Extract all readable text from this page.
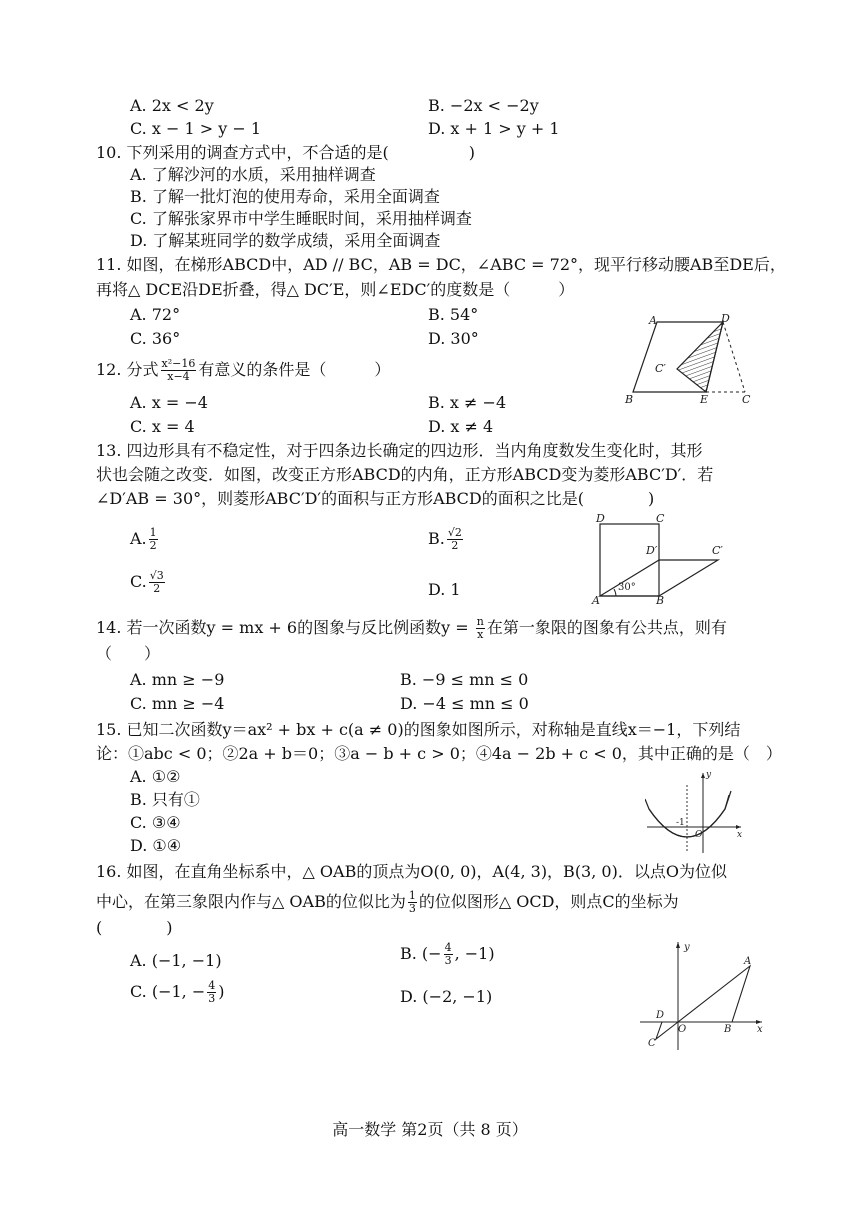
A. 2x < 2y	B. −2x < −2y
C. x − 1 > y − 1	D. x + 1 > y + 1
10. 下列采用的调查方式中，不合适的是(　　　　　)
A. 了解沙河的水质，采用抽样调查
B. 了解一批灯泡的使用寿命，采用全面调查
C. 了解张家界市中学生睡眠时间，采用抽样调查
D. 了解某班同学的数学成绩，采用全面调查
11. 如图，在梯形ABCD中，AD // BC，AB = DC，∠ABC = 72°，现平行移动腰AB至DE后，
再将△ DCE沿DE折叠，得△ DC′E，则∠EDC′的度数是（　　　）
A. 72°	B. 54°
C. 36°	D. 30°
A	D
C′
B	E	C
12. 分式 $\frac{\text{x²−16}}{x-4}$ 有意义的条件是（　　　）
A. x = −4	B. x ≠ −4
C. x = 4	D. x ≠ 4
13. 四边形具有不稳定性，对于四条边长确定的四边形．当内角度数发生变化时，其形
状也会随之改变．如图，改变正方形ABCD的内角，正方形ABCD变为菱形ABC′D′．若
∠D′AB = 30°，则菱形ABC′D′的面积与正方形ABCD的面积之比是(　　　　)
A. $\frac{1}{2}$	B. $\frac{√2}{2}$
C. $\frac{√3}{2}$	D. 1
D	C
D′	C′
A	B
30°
14. 若一次函数y = mx + 6的图象与反比例函数$y = \frac{n}{x}$ 在第一象限的图象有公共点，则有
（　　）
A. mn ≥ −9	B. −9 ≤ mn ≤ 0
C. mn ≥ −4	D. −4 ≤ mn ≤ 0
15. 已知二次函数y＝ax² + bx + c(a ≠ 0)的图象如图所示，对称轴是直线x＝−1，下列结
论：①abc < 0；②2a + b＝0；③a − b + c > 0；④4a − 2b + c < 0，其中正确的是（　）
A. ①②
B. 只有①
C. ③④
D. ①④
y
x
O
-1
16. 如图，在直角坐标系中，△ OAB的顶点为O(0, 0)，A(4, 3)，B(3, 0)．以点O为位似
中心，在第三象限内作与△ OAB的位似比为 $\frac{1}{3}$ 的位似图形△ OCD，则点C的坐标为
(　　　　)
A. (−1, −1)	B. (− $\frac{4}{3}$ , −1)
C. (−1, − $\frac{4}{3}$ )	D. (−2, −1)
y
A
D
O	B	x
C
高一数学 第2页（共 8 页）
